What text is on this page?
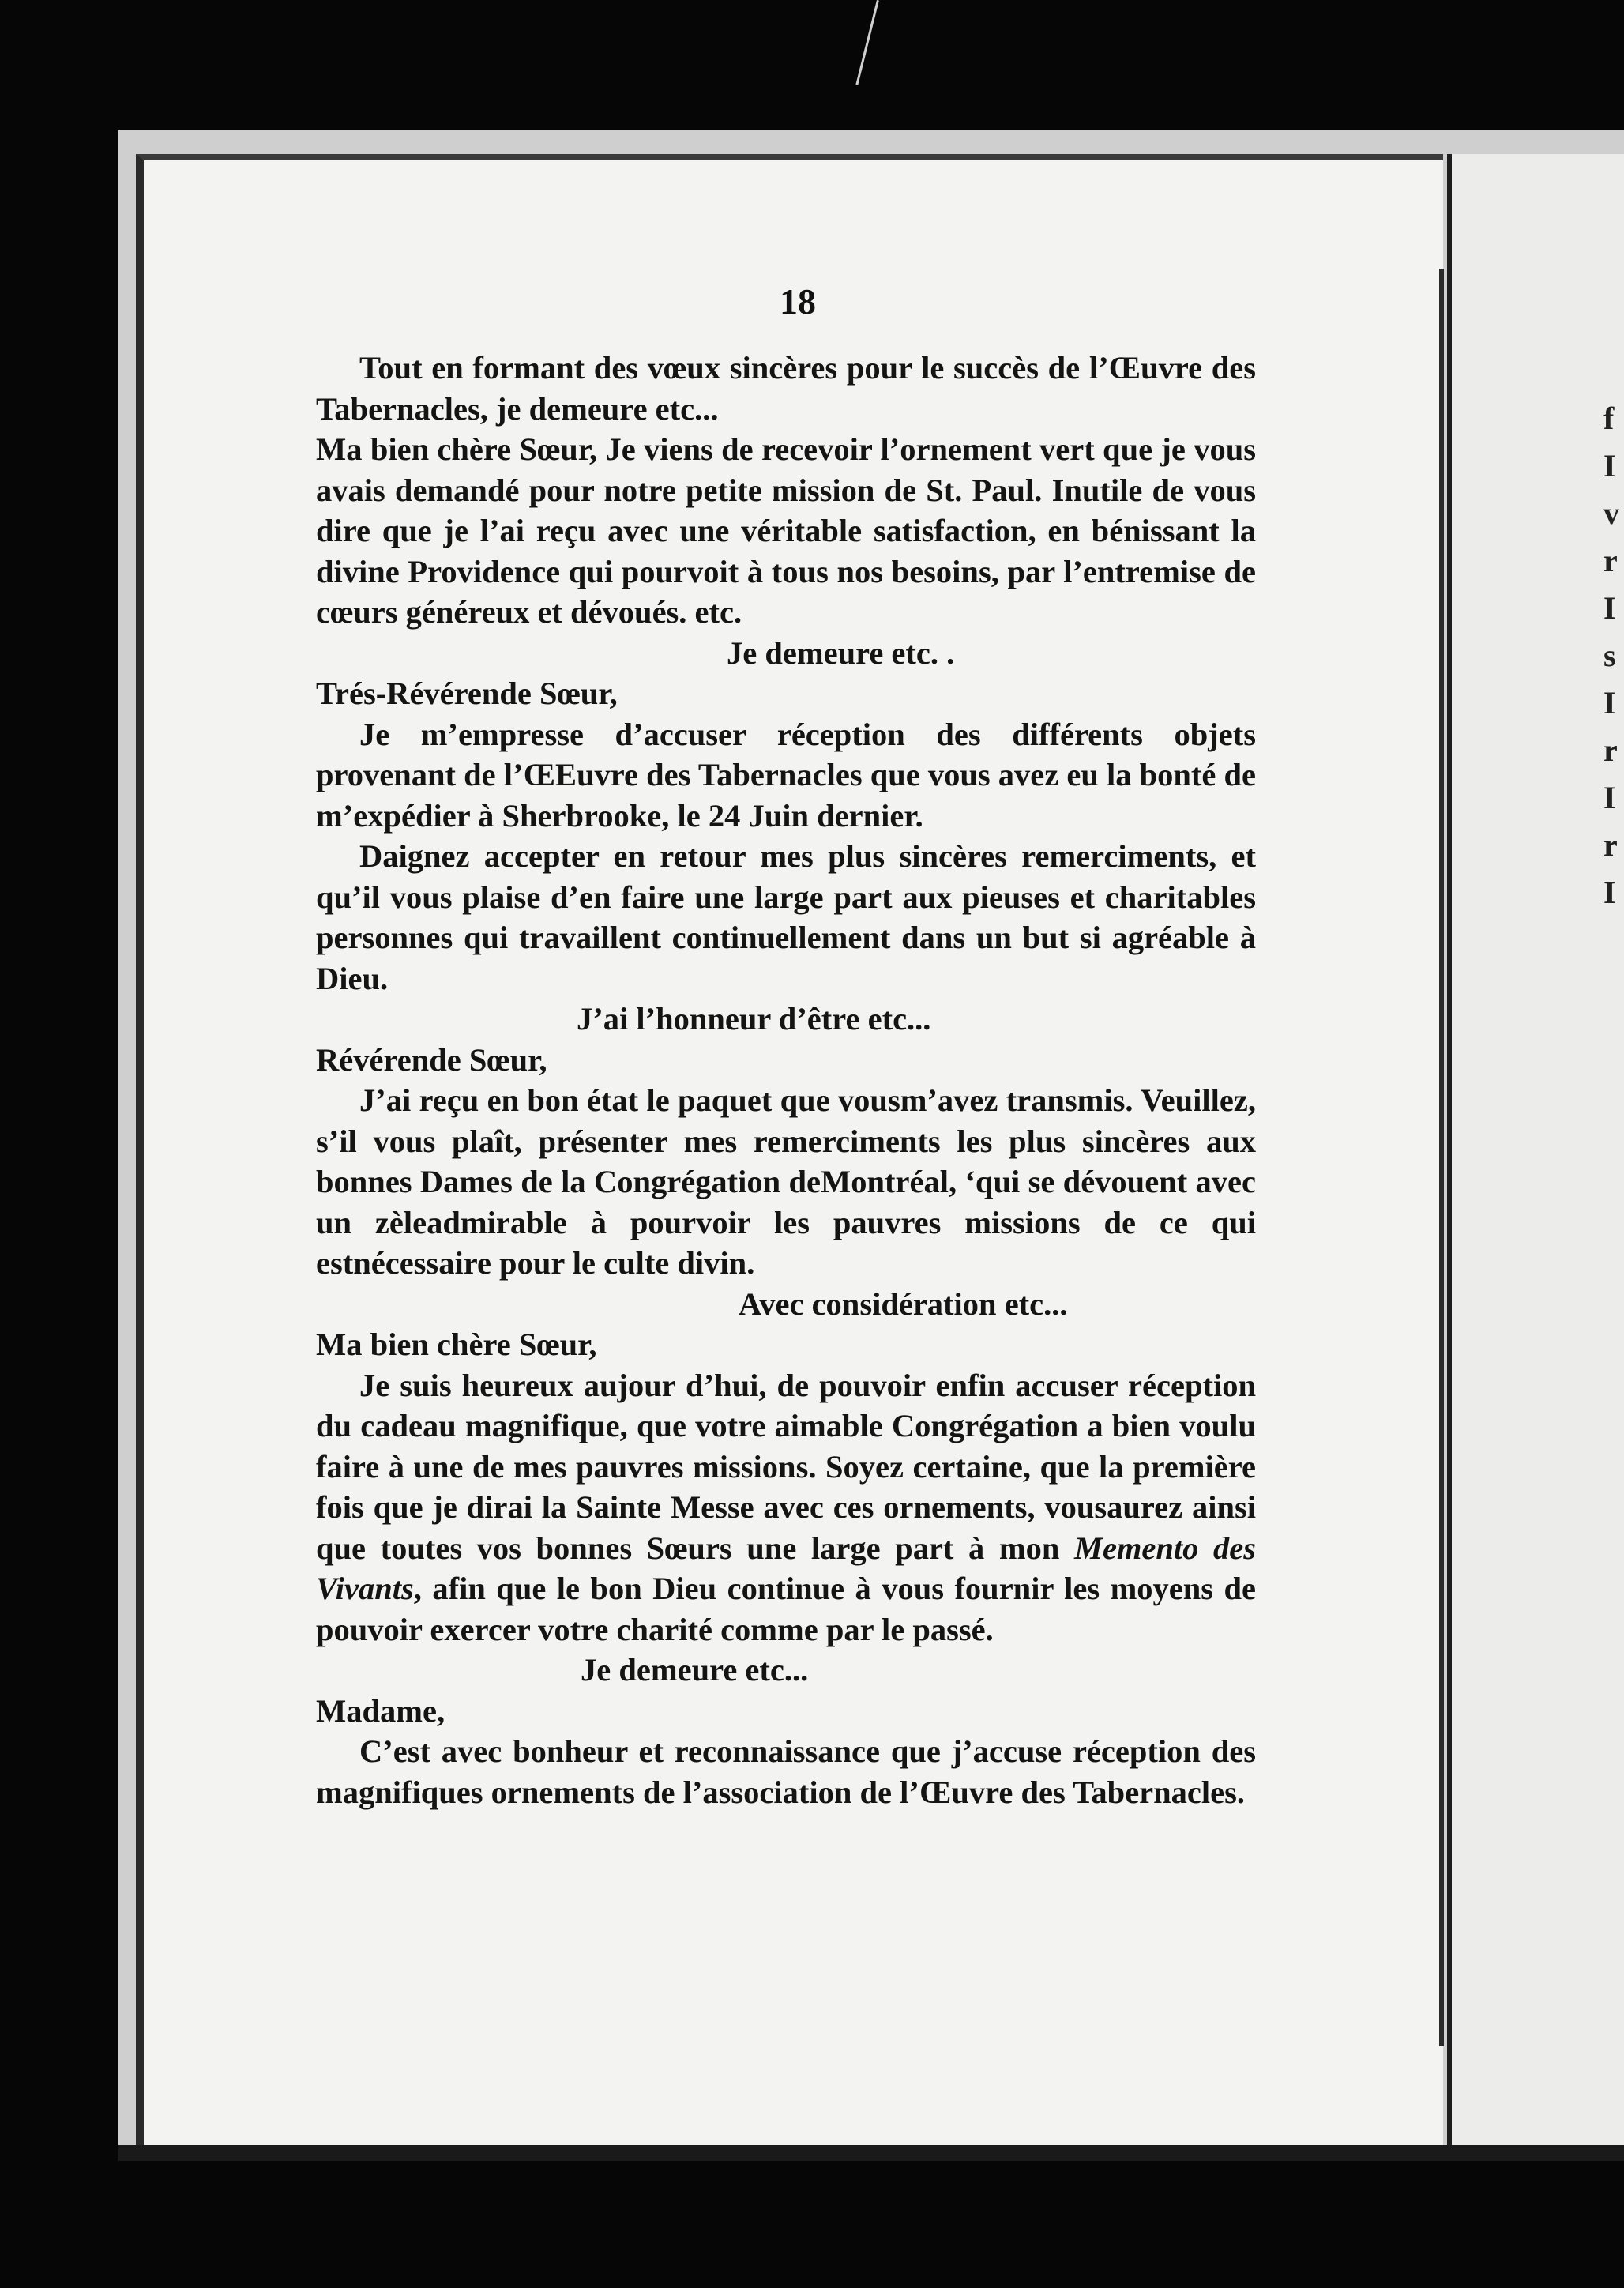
18

Tout en formant des vœux sincères pour le succès de l’Œuvre des Tabernacles, je demeure etc...

Ma bien chère Sœur, Je viens de recevoir l’ornement vert que je vous avais demandé pour notre petite mission de St. Paul. Inutile de vous dire que je l’ai reçu avec une véritable satisfaction, en bénissant la divine Providence qui pourvoit à tous nos besoins, par l’entremise de cœurs généreux et dévoués. etc.

Je demeure etc. .

Trés-Révérende Sœur,

Je m’empresse d’accuser réception des différents objets provenant de l’ŒEuvre des Tabernacles que vous avez eu la bonté de m’expédier à Sherbrooke, le 24 Juin dernier.

Daignez accepter en retour mes plus sincères remerciments, et qu’il vous plaise d’en faire une large part aux pieuses et charitables personnes qui travaillent continuellement dans un but si agréable à Dieu.

J’ai l’honneur d’être etc...

Révérende Sœur,

J’ai reçu en bon état le paquet que vousm’avez transmis. Veuillez, s’il vous plaît, présenter mes remerciments les plus sincères aux bonnes Dames de la Congrégation deMontréal, ‘qui se dévouent avec un zèleadmirable à pourvoir les pauvres missions de ce qui estnécessaire pour le culte divin.

Avec considération etc...

Ma bien chère Sœur,

Je suis heureux aujour d’hui, de pouvoir enfin accuser réception du cadeau magnifique, que votre aimable Congrégation a bien voulu faire à une de mes pauvres missions. Soyez certaine, que la première fois que je dirai la Sainte Messe avec ces ornements, vousaurez ainsi que toutes vos bonnes Sœurs une large part à mon Memento des Vivants, afin que le bon Dieu continue à vous fournir les moyens de pouvoir exercer votre charité comme par le passé.

Je demeure etc...

Madame,

C’est avec bonheur et reconnaissance que j’accuse réception des magnifiques ornements de l’association de l’Œuvre des Tabernacles.

f
I
v
r
I
s
I
r
I
r
I
